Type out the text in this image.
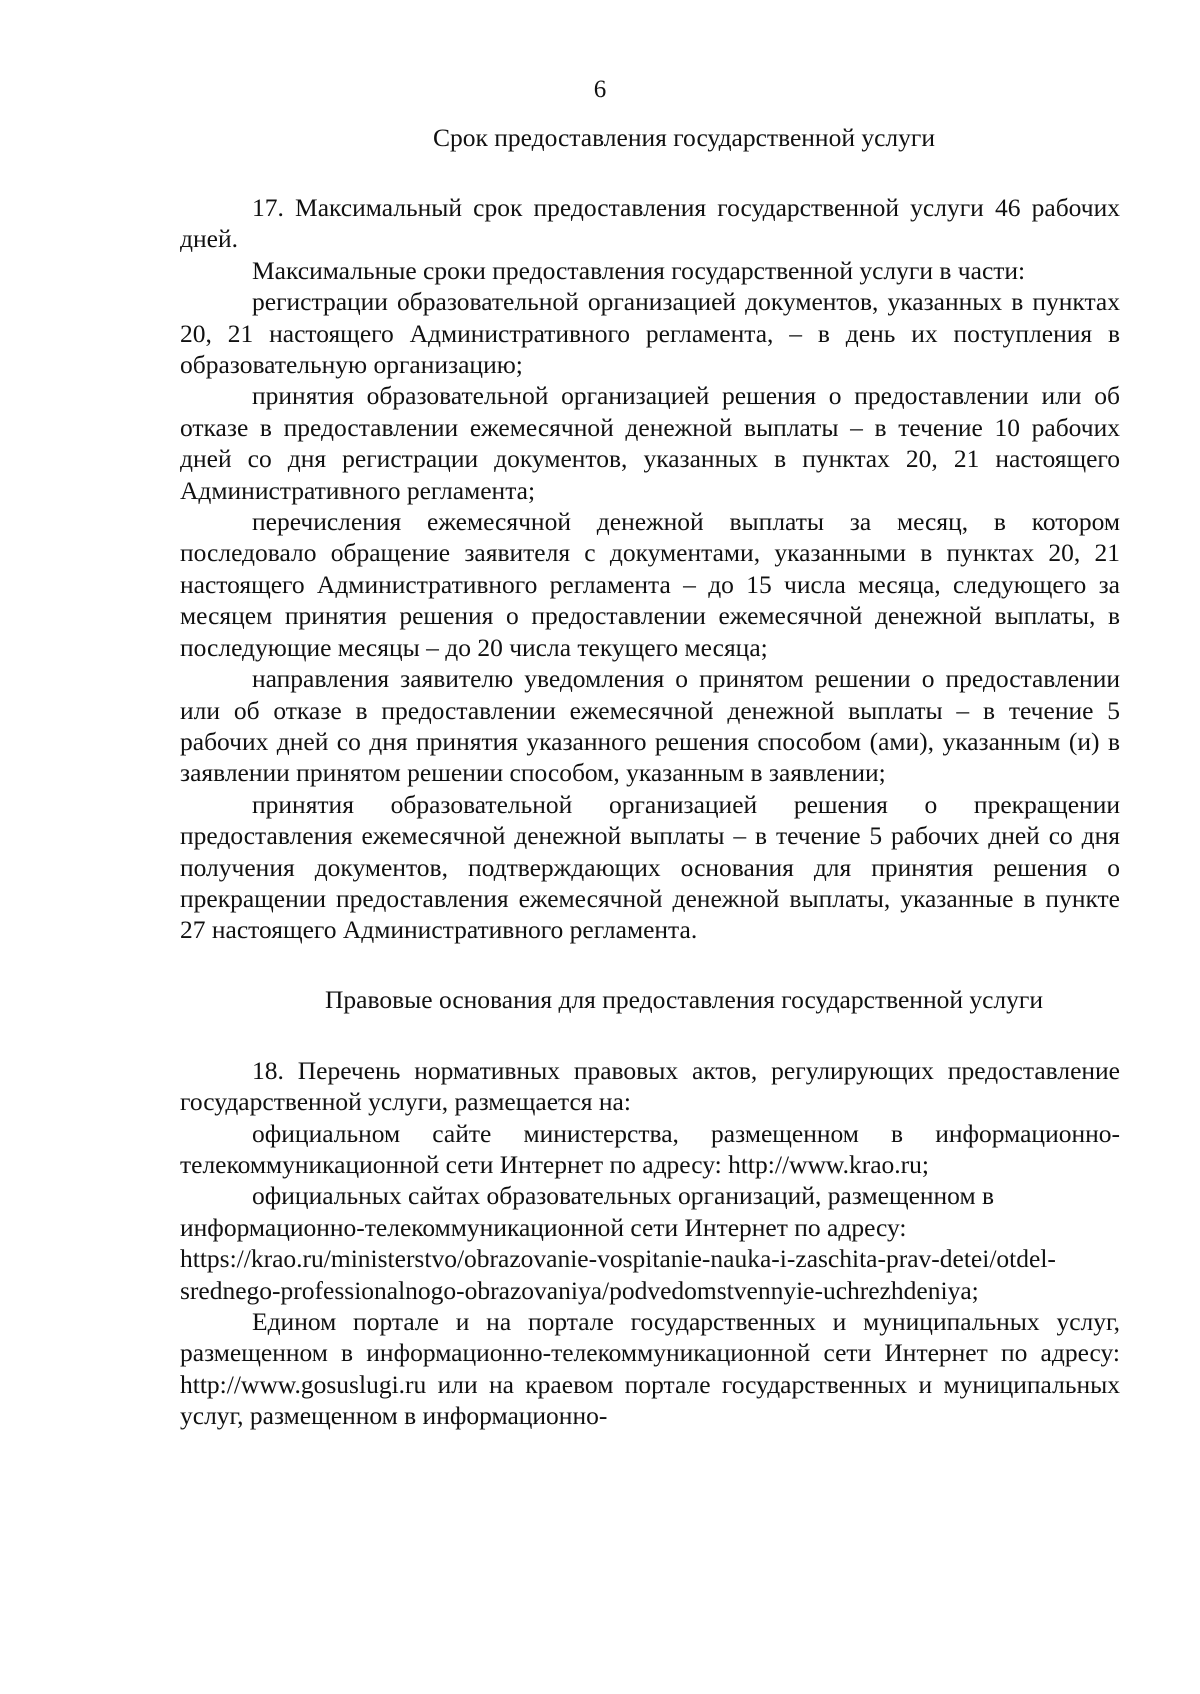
6

Срок предоставления государственной услуги

17. Максимальный срок предоставления государственной услуги 46 рабочих дней.

Максимальные сроки предоставления государственной услуги в части:

регистрации образовательной организацией документов, указанных в пунктах 20, 21 настоящего Административного регламента, – в день их поступления в образовательную организацию;

принятия образовательной организацией решения о предоставлении или об отказе в предоставлении ежемесячной денежной выплаты – в течение 10 рабочих дней со дня регистрации документов, указанных в пунктах 20, 21 настоящего Административного регламента;

перечисления ежемесячной денежной выплаты за месяц, в котором последовало обращение заявителя с документами, указанными в пунктах 20, 21 настоящего Административного регламента – до 15 числа месяца, следующего за месяцем принятия решения о предоставлении ежемесячной денежной выплаты, в последующие месяцы – до 20 числа текущего месяца;

направления заявителю уведомления о принятом решении о предоставлении или об отказе в предоставлении ежемесячной денежной выплаты – в течение 5 рабочих дней со дня принятия указанного решения способом (ами), указанным (и) в заявлении принятом решении способом, указанным в заявлении;

принятия образовательной организацией решения о прекращении предоставления ежемесячной денежной выплаты – в течение 5 рабочих дней со дня получения документов, подтверждающих основания для принятия решения о прекращении предоставления ежемесячной денежной выплаты, указанные в пункте 27 настоящего Административного регламента.

Правовые основания для предоставления государственной услуги

18. Перечень нормативных правовых актов, регулирующих предоставление государственной услуги, размещается на:

официальном сайте министерства, размещенном в информационно-телекоммуникационной сети Интернет по адресу: http://www.krao.ru;

официальных сайтах образовательных организаций, размещенном в информационно-телекоммуникационной сети Интернет по адресу: https://krao.ru/ministerstvo/obrazovanie-vospitanie-nauka-i-zaschita-prav-detei/otdel-srednego-professionalnogo-obrazovaniya/podvedomstvennyie-uchrezhdeniya;

Едином портале и на портале государственных и муниципальных услуг, размещенном в информационно-телекоммуникационной сети Интернет по адресу: http://www.gosuslugi.ru или на краевом портале государственных и муниципальных услуг, размещенном в информационно-
